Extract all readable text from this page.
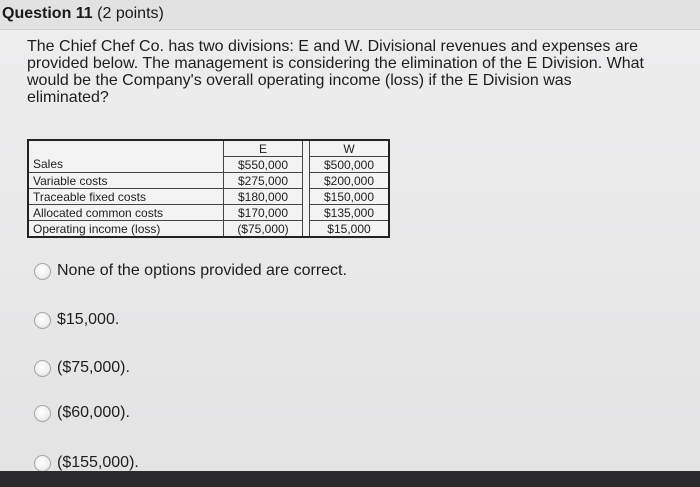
Question 11 (2 points)
The Chief Chef Co. has two divisions: E and W. Divisional revenues and expenses are provided below. The management is considering the elimination of the E Division. What would be the Company's overall operating income (loss) if the E Division was eliminated?
	E		W
Sales	$550,000		$500,000
Variable costs	$275,000		$200,000
Traceable fixed costs	$180,000		$150,000
Allocated common costs	$170,000		$135,000
Operating income (loss)	($75,000)		$15,000
None of the options provided are correct.
$15,000.
($75,000).
($60,000).
($155,000).
